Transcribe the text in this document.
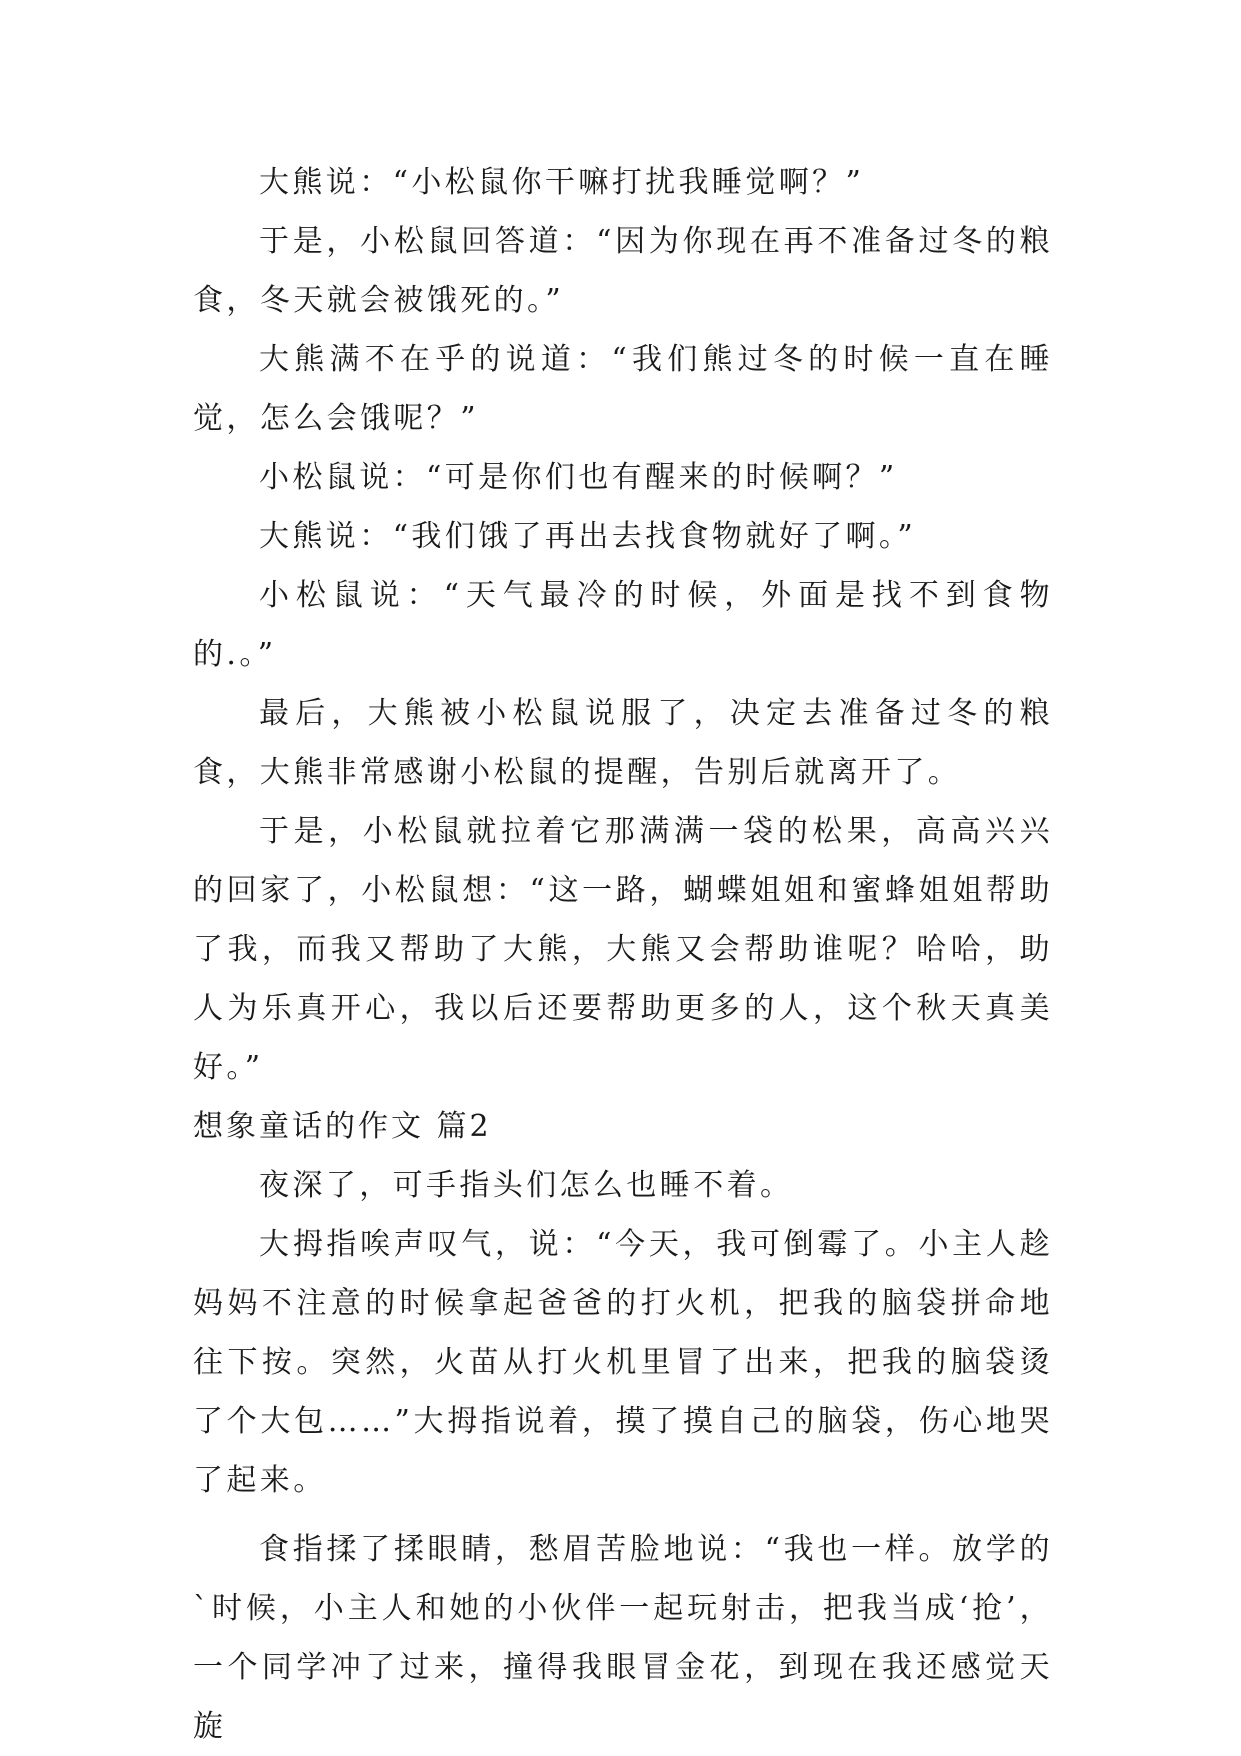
大熊说：“小松鼠你干嘛打扰我睡觉啊？”

于是，小松鼠回答道：“因为你现在再不准备过冬的粮食，冬天就会被饿死的。”

大熊满不在乎的说道：“我们熊过冬的时候一直在睡觉，怎么会饿呢？”

小松鼠说：“可是你们也有醒来的时候啊？”

大熊说：“我们饿了再出去找食物就好了啊。”

小松鼠说：“天气最冷的时候，外面是找不到食物的.。”

最后，大熊被小松鼠说服了，决定去准备过冬的粮食，大熊非常感谢小松鼠的提醒，告别后就离开了。

于是，小松鼠就拉着它那满满一袋的松果，高高兴兴的回家了，小松鼠想：“这一路，蝴蝶姐姐和蜜蜂姐姐帮助了我，而我又帮助了大熊，大熊又会帮助谁呢？哈哈，助人为乐真开心，我以后还要帮助更多的人，这个秋天真美好。”

想象童话的作文 篇2

夜深了，可手指头们怎么也睡不着。

大拇指唉声叹气，说：“今天，我可倒霉了。小主人趁妈妈不注意的时候拿起爸爸的打火机，把我的脑袋拼命地往下按。突然，火苗从打火机里冒了出来，把我的脑袋烫了个大包……”大拇指说着，摸了摸自己的脑袋，伤心地哭了起来。

食指揉了揉眼睛，愁眉苦脸地说：“我也一样。放学的`时候，小主人和她的小伙伴一起玩射击，把我当成‘抢’，一个同学冲了过来，撞得我眼冒金花，到现在我还感觉天旋
